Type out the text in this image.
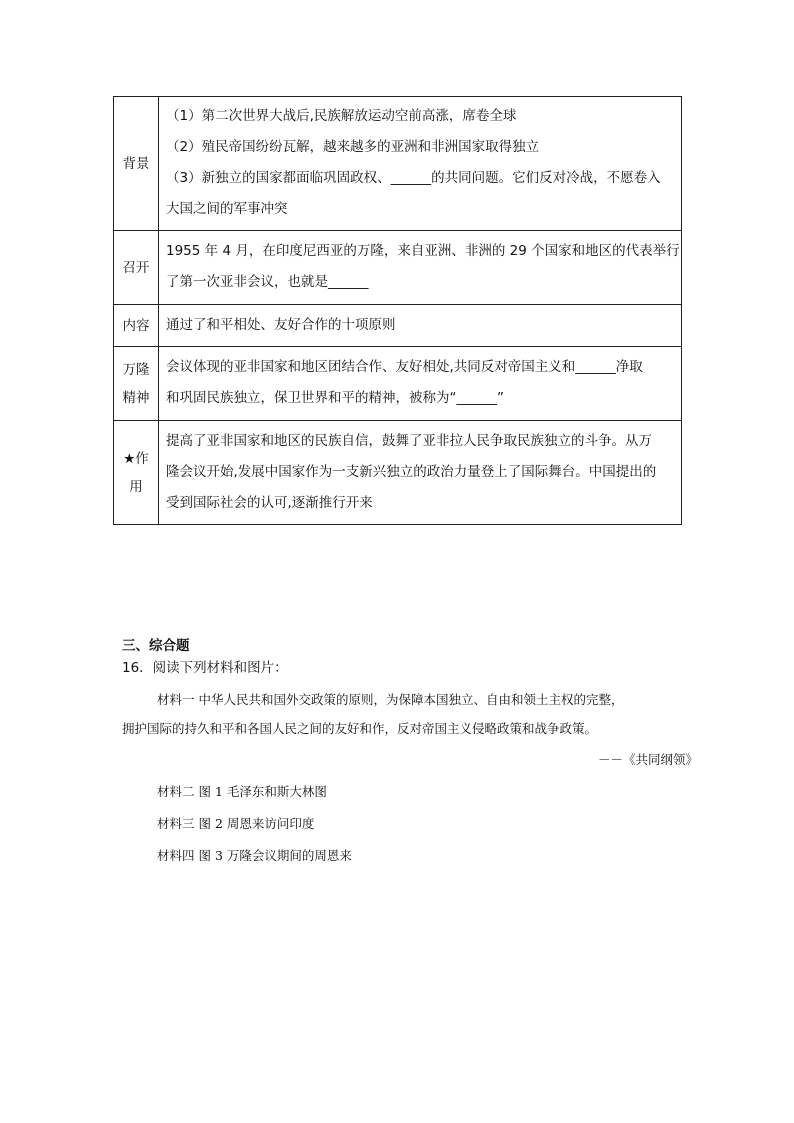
背景	（1）第二次世界大战后,民族解放运动空前高涨，席卷全球
（2）殖民帝国纷纷瓦解，越来越多的亚洲和非洲国家取得独立
（3）新独立的国家都面临巩固政权、______的共同问题。它们反对冷战，不愿卷入
大国之间的军事冲突

召开	1955 年 4 月，在印度尼西亚的万隆，来自亚洲、非洲的 29 个国家和地区的代表举行
了第一次亚非会议，也就是______

内容	通过了和平相处、友好合作的十项原则

万隆
精神	会议体现的亚非国家和地区团结合作、友好相处,共同反对帝国主义和______净取
和巩固民族独立，保卫世界和平的精神，被称为“______”

★作
用	提高了亚非国家和地区的民族自信，鼓舞了亚非拉人民争取民族独立的斗争。从万
隆会议开始,发展中国家作为一支新兴独立的政治力量登上了国际舞台。中国提出的
受到国际社会的认可,逐渐推行开来
三、综合题
16．阅读下列材料和图片：
材料一 中华人民共和国外交政策的原则，为保障本国独立、自由和领土主权的完整，
拥护国际的持久和平和各国人民之间的友好和作，反对帝国主义侵略政策和战争政策。
－－《共同纲领》
材料二 图 1 毛泽东和斯大林图
材料三 图 2 周恩来访问印度
材料四 图 3 万隆会议期间的周恩来
